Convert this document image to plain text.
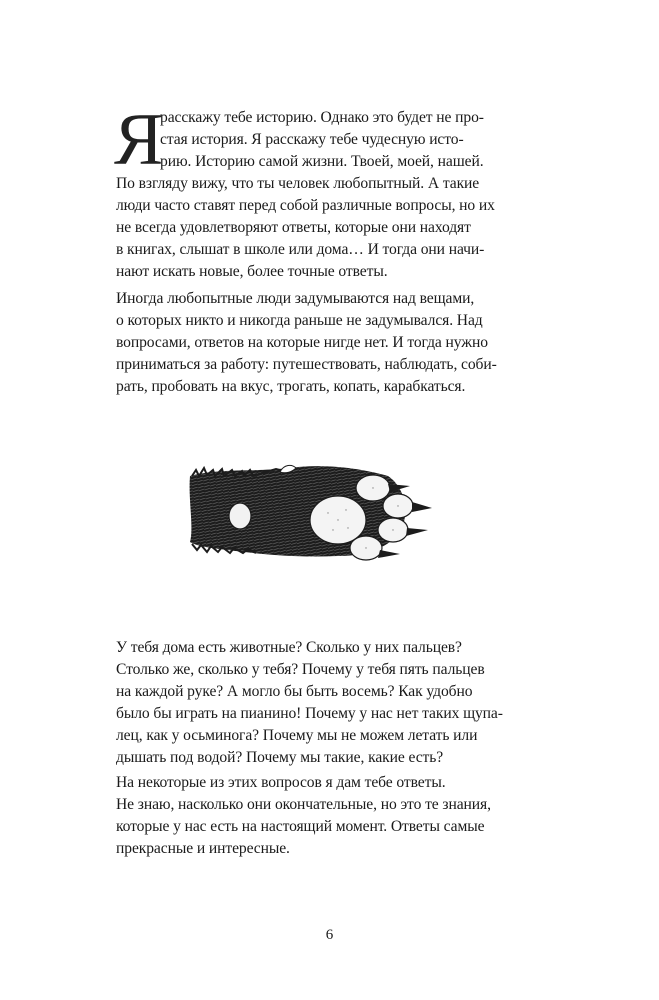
Я
расскажу тебе историю. Однако это будет не про-
стая история. Я расскажу тебе чудесную исто-
рию. Историю самой жизни. Твоей, моей, нашей.
По взгляду вижу, что ты человек любопытный. А такие
люди часто ставят перед собой различные вопросы, но их
не всегда удовлетворяют ответы, которые они находят
в книгах, слышат в школе или дома… И тогда они начи-
нают искать новые, более точные ответы.
Иногда любопытные люди задумываются над вещами,
о которых никто и никогда раньше не задумывался. Над
вопросами, ответов на которые нигде нет. И тогда нужно
приниматься за работу: путешествовать, наблюдать, соби-
рать, пробовать на вкус, трогать, копать, карабкаться.
У тебя дома есть животные? Сколько у них пальцев?
Столько же, сколько у тебя? Почему у тебя пять пальцев
на каждой руке? А могло бы быть восемь? Как удобно
было бы играть на пианино! Почему у нас нет таких щупа-
лец, как у осьминога? Почему мы не можем летать или
дышать под водой? Почему мы такие, какие есть?
На некоторые из этих вопросов я дам тебе ответы.
Не знаю, насколько они окончательные, но это те знания,
которые у нас есть на настоящий момент. Ответы самые
прекрасные и интересные.
6
